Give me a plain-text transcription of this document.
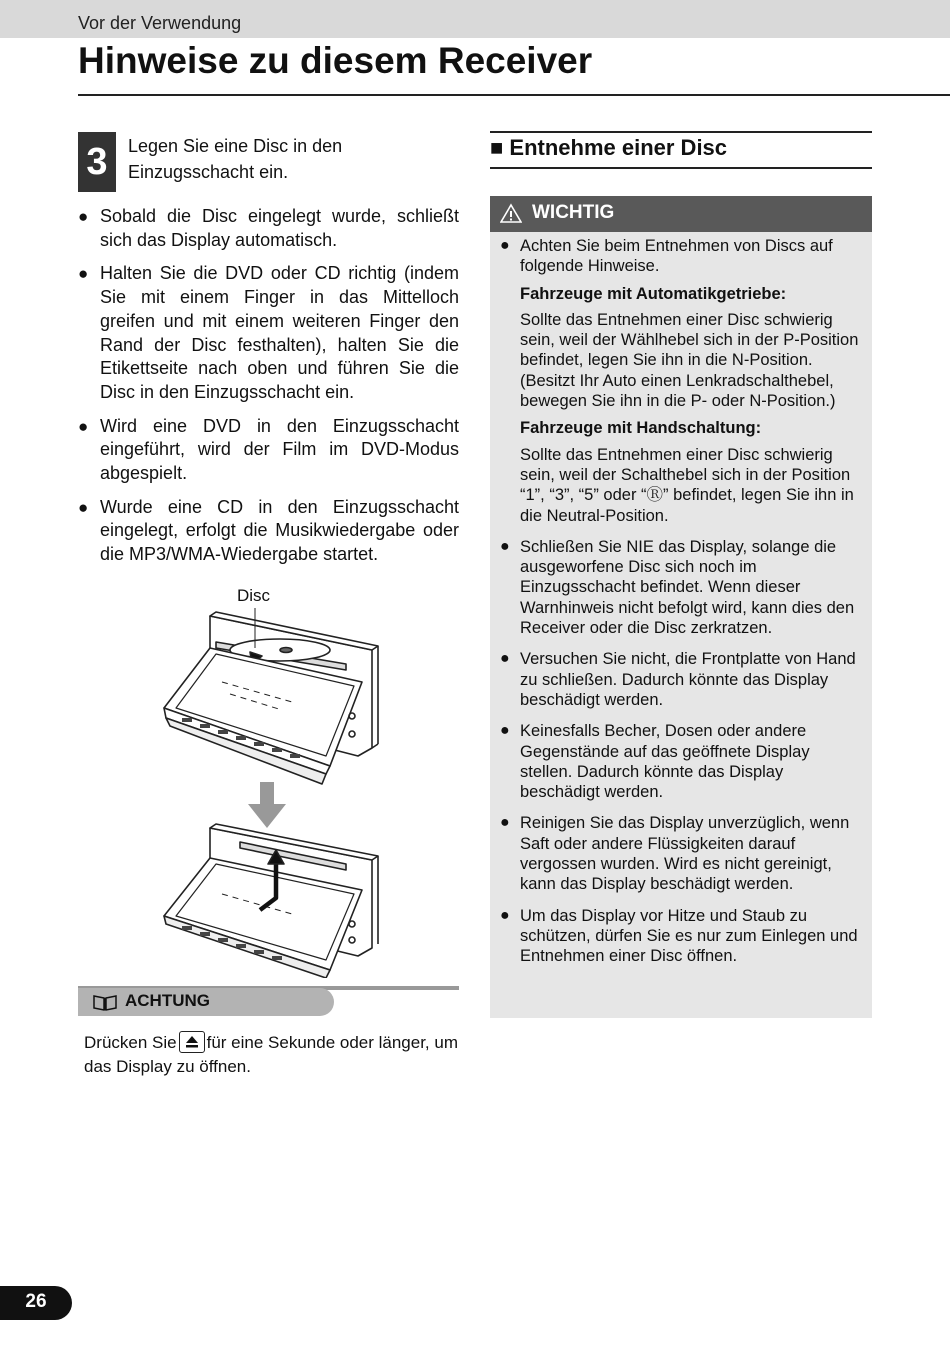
Vor der Verwendung
Hinweise zu diesem Receiver
3	Legen Sie eine Disc in den Einzugsschacht ein.
● Sobald die Disc eingelegt wurde, schließt sich das Display automatisch.
● Halten Sie die DVD oder CD richtig (indem Sie mit einem Finger in das Mittelloch greifen und mit einem weiteren Finger den Rand der Disc festhalten), halten Sie die Etikettseite nach oben und führen Sie die Disc in den Einzugsschacht ein.
● Wird eine DVD in den Einzugsschacht eingeführt, wird der Film im DVD-Modus abgespielt.
● Wurde eine CD in den Einzugsschacht eingelegt, erfolgt die Musikwiedergabe oder die MP3/WMA-Wiedergabe startet.
Disc
ACHTUNG
Drücken Sie für eine Sekunde oder länger, um das Display zu öffnen.
■ Entnehme einer Disc
WICHTIG
● Achten Sie beim Entnehmen von Discs auf folgende Hinweise.
Fahrzeuge mit Automatikgetriebe:
Sollte das Entnehmen einer Disc schwierig sein, weil der Wählhebel sich in der P-Position befindet, legen Sie ihn in die N-Position. (Besitzt Ihr Auto einen Lenkradschalthebel, bewegen Sie ihn in die P- oder N-Position.)
Fahrzeuge mit Handschaltung:
Sollte das Entnehmen einer Disc schwierig sein, weil der Schalthebel sich in der Position “1”, “3”, “5” oder “Ⓡ” befindet, legen Sie ihn in die Neutral-Position.
● Schließen Sie NIE das Display, solange die ausgeworfene Disc sich noch im Einzugsschacht befindet. Wenn dieser Warnhinweis nicht befolgt wird, kann dies den Receiver oder die Disc zerkratzen.
● Versuchen Sie nicht, die Frontplatte von Hand zu schließen. Dadurch könnte das Display beschädigt werden.
● Keinesfalls Becher, Dosen oder andere Gegenstände auf das geöffnete Display stellen. Dadurch könnte das Display beschädigt werden.
● Reinigen Sie das Display unverzüglich, wenn Saft oder andere Flüssigkeiten darauf vergossen wurden. Wird es nicht gereinigt, kann das Display beschädigt werden.
● Um das Display vor Hitze und Staub zu schützen, dürfen Sie es nur zum Einlegen und Entnehmen einer Disc öffnen.
26
